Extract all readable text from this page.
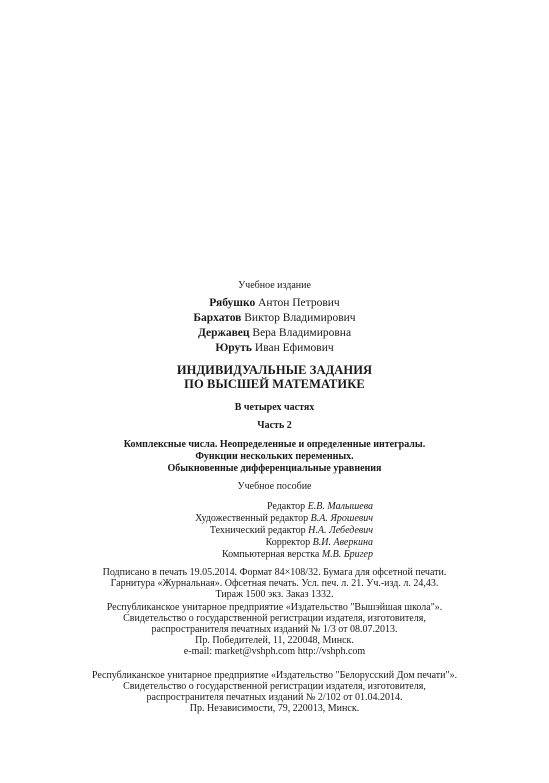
Учебное издание
Рябушко Антон Петрович
Бархатов Виктор Владимирович
Державец Вера Владимировна
Юруть Иван Ефимович
ИНДИВИДУАЛЬНЫЕ ЗАДАНИЯ
ПО ВЫСШЕЙ МАТЕМАТИКЕ
В четырех частях
Часть 2
Комплексные числа. Неопределенные и определенные интегралы.
Функции нескольких переменных.
Обыкновенные дифференциальные уравнения
Учебное пособие
Редактор Е.В. Малышева
Художественный редактор В.А. Ярошевич
Технический редактор Н.А. Лебедевич
Корректор В.И. Аверкина
Компьютерная верстка М.В. Бригер
Подписано в печать 19.05.2014. Формат 84×108/32. Бумага для офсетной печати.
Гарнитура «Журнальная». Офсетная печать. Усл. печ. л. 21. Уч.-изд. л. 24,43.
Тираж 1500 экз. Заказ 1332.
Республиканское унитарное предприятие «Издательство "Вышэйшая школа"».
Свидетельство о государственной регистрации издателя, изготовителя,
распространителя печатных изданий № 1/3 от 08.07.2013.
Пр. Победителей, 11, 220048, Минск.
e-mail: market@vshph.com http://vshph.com
Республиканское унитарное предприятие «Издательство "Белорусский Дом печати"».
Свидетельство о государственной регистрации издателя, изготовителя,
распространителя печатных изданий № 2/102 от 01.04.2014.
Пр. Независимости, 79, 220013, Минск.
